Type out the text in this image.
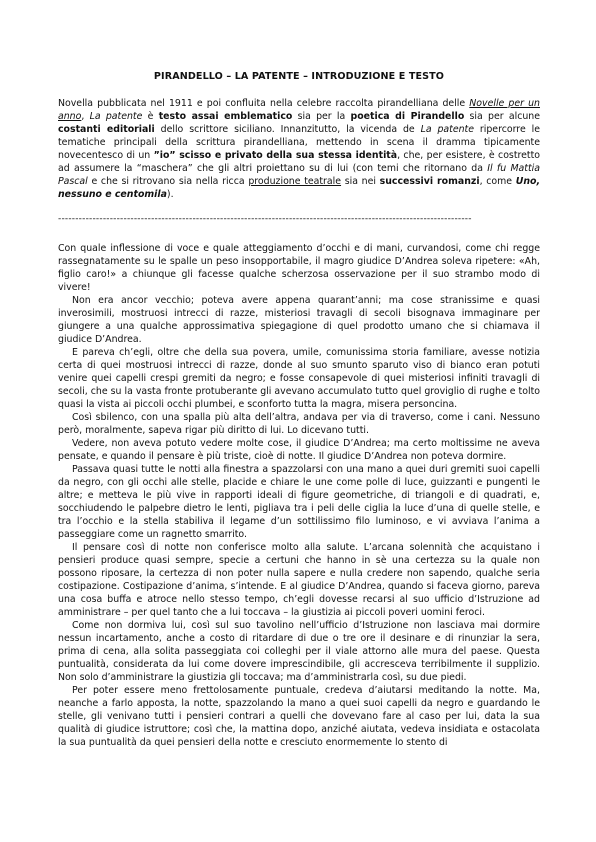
PIRANDELLO – LA PATENTE – INTRODUZIONE E TESTO

Novella pubblicata nel 1911 e poi confluita nella celebre raccolta pirandelliana delle Novelle per un anno, La patente è testo assai emblematico sia per la poetica di Pirandello sia per alcune costanti editoriali dello scrittore siciliano. Innanzitutto, la vicenda de La patente ripercorre le tematiche principali della scrittura pirandelliana, mettendo in scena il dramma tipicamente novecentesco di un ”io” scisso e privato della sua stessa identità, che, per esistere, è costretto ad assumere la “maschera” che gli altri proiettano su di lui (con temi che ritornano da Il fu Mattia Pascal e che si ritrovano sia nella ricca produzione teatrale sia nei successivi romanzi, come Uno, nessuno e centomila).

------------------------------------------------------------------------------------------------------------------------

Con quale inflessione di voce e quale atteggiamento d’occhi e di mani, curvandosi, come chi regge rassegnatamente su le spalle un peso insopportabile, il magro giudice D’Andrea soleva ripetere: «Ah, figlio caro!» a chiunque gli facesse qualche scherzosa osservazione per il suo strambo modo di vivere!

Non era ancor vecchio; poteva avere appena quarant’anni; ma cose stranissime e quasi inverosimili, mostruosi intrecci di razze, misteriosi travagli di secoli bisognava immaginare per giungere a una qualche approssimativa spiegagione di quel prodotto umano che si chiamava il giudice D’Andrea.

E pareva ch’egli, oltre che della sua povera, umile, comunissima storia familiare, avesse notizia certa di quei mostruosi intrecci di razze, donde al suo smunto sparuto viso di bianco eran potuti venire quei capelli crespi gremiti da negro; e fosse consapevole di quei misteriosi infiniti travagli di secoli, che su la vasta fronte protuberante gli avevano accumulato tutto quel groviglio di rughe e tolto quasi la vista ai piccoli occhi plumbei, e sconforto tutta la magra, misera personcina.

Così sbilenco, con una spalla più alta dell’altra, andava per via di traverso, come i cani. Nessuno però, moralmente, sapeva rigar più diritto di lui. Lo dicevano tutti.

Vedere, non aveva potuto vedere molte cose, il giudice D’Andrea; ma certo moltissime ne aveva pensate, e quando il pensare è più triste, cioè di notte. Il giudice D’Andrea non poteva dormire.

Passava quasi tutte le notti alla finestra a spazzolarsi con una mano a quei duri gremiti suoi capelli da negro, con gli occhi alle stelle, placide e chiare le une come polle di luce, guizzanti e pungenti le altre; e metteva le più vive in rapporti ideali di figure geometriche, di triangoli e di quadrati, e, socchiudendo le palpebre dietro le lenti, pigliava tra i peli delle ciglia la luce d’una di quelle stelle, e tra l’occhio e la stella stabiliva il legame d’un sottilissimo filo luminoso, e vi avviava l’anima a passeggiare come un ragnetto smarrito.

Il pensare così di notte non conferisce molto alla salute. L’arcana solennità che acquistano i pensieri produce quasi sempre, specie a certuni che hanno in sè una certezza su la quale non possono riposare, la certezza di non poter nulla sapere e nulla credere non sapendo, qualche seria costipazione. Costipazione d’anima, s’intende. E al giudice D’Andrea, quando si faceva giorno, pareva una cosa buffa e atroce nello stesso tempo, ch’egli dovesse recarsi al suo ufficio d’Istruzione ad amministrare – per quel tanto che a lui toccava – la giustizia ai piccoli poveri uomini feroci.

Come non dormiva lui, così sul suo tavolino nell’ufficio d’Istruzione non lasciava mai dormire nessun incartamento, anche a costo di ritardare di due o tre ore il desinare e di rinunziar la sera, prima di cena, alla solita passeggiata coi colleghi per il viale attorno alle mura del paese. Questa puntualità, considerata da lui come dovere imprescindibile, gli accresceva terribilmente il supplizio. Non solo d’amministrare la giustizia gli toccava; ma d’amministrarla così, su due piedi.

Per poter essere meno frettolosamente puntuale, credeva d’aiutarsi meditando la notte. Ma, neanche a farlo apposta, la notte, spazzolando la mano a quei suoi capelli da negro e guardando le stelle, gli venivano tutti i pensieri contrari a quelli che dovevano fare al caso per lui, data la sua qualità di giudice istruttore; così che, la mattina dopo, anziché aiutata, vedeva insidiata e ostacolata la sua puntualità da quei pensieri della notte e cresciuto enormemente lo stento di
